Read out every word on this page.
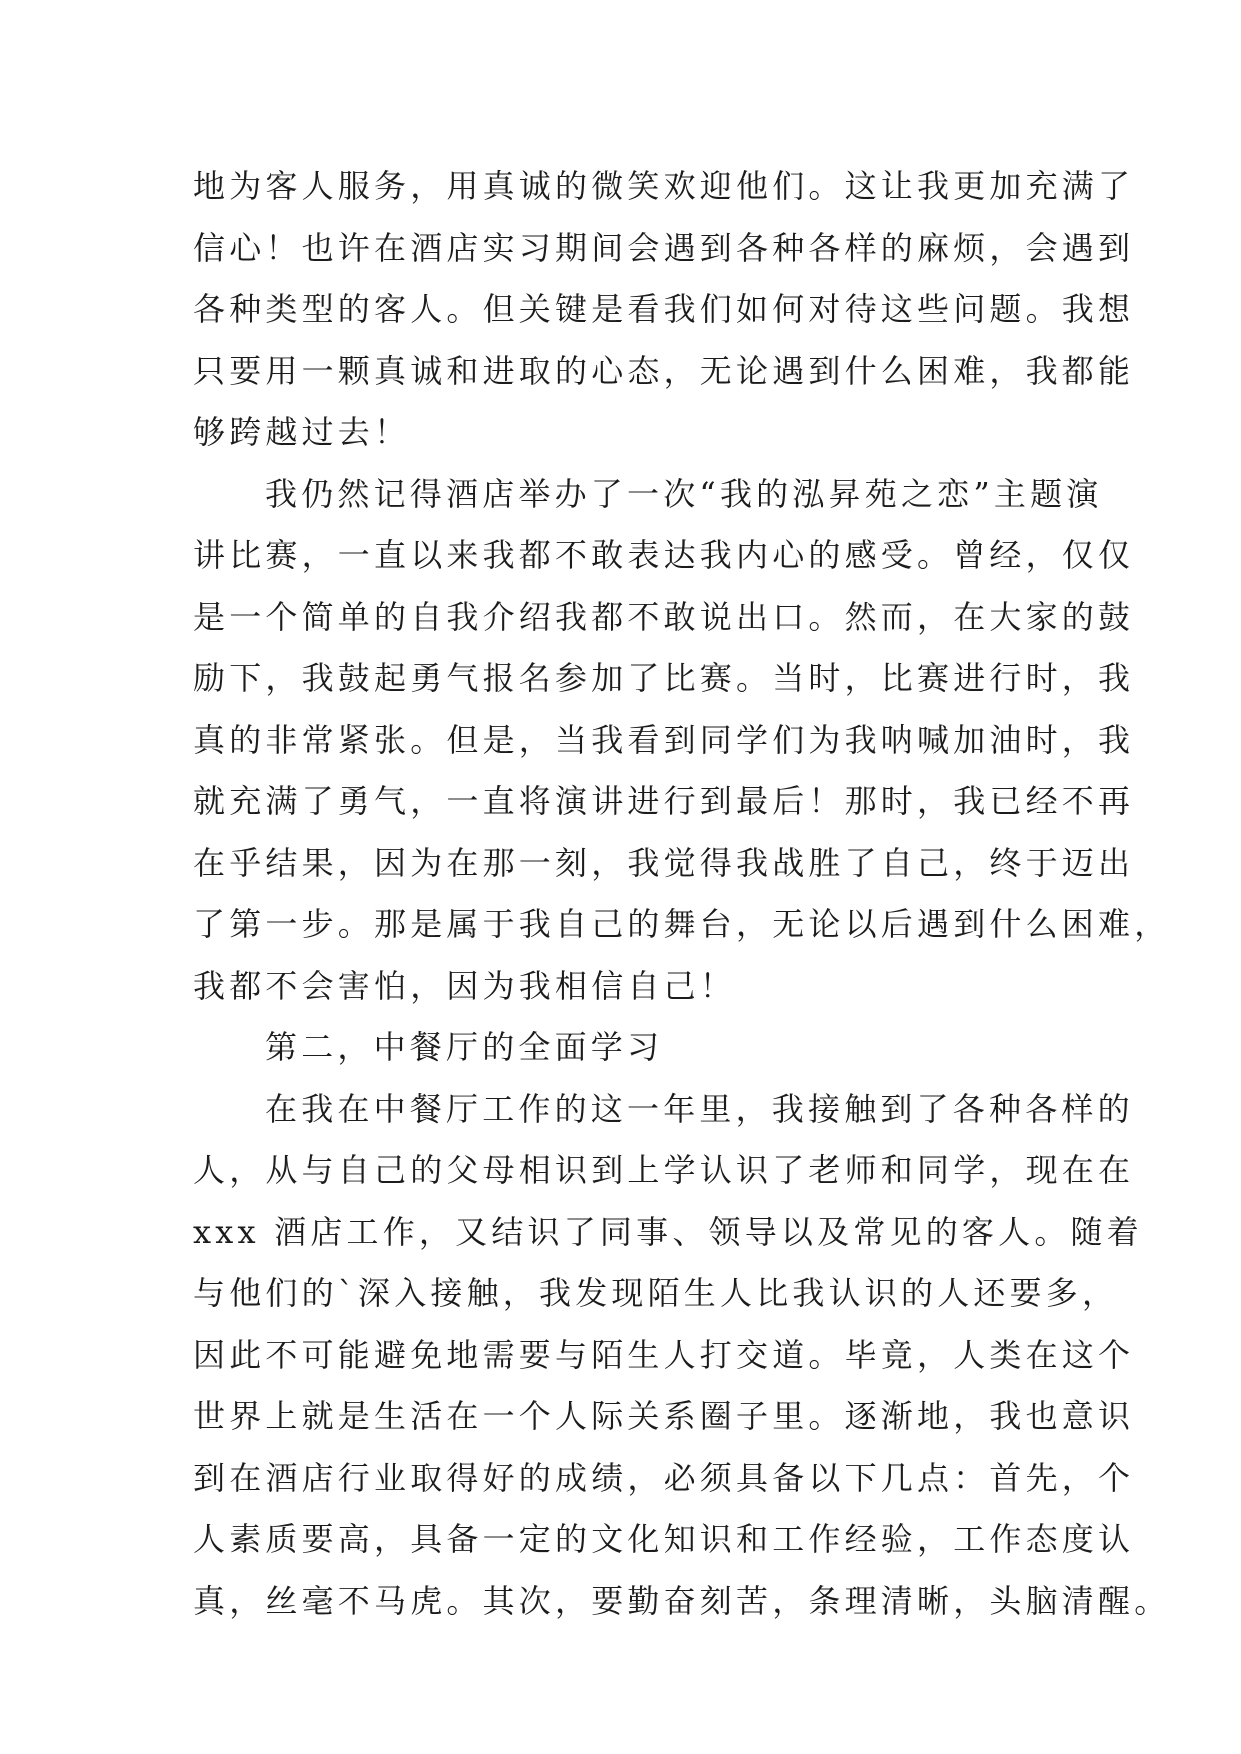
地为客人服务，用真诚的微笑欢迎他们。这让我更加充满了
信心！也许在酒店实习期间会遇到各种各样的麻烦，会遇到
各种类型的客人。但关键是看我们如何对待这些问题。我想
只要用一颗真诚和进取的心态，无论遇到什么困难，我都能
够跨越过去！
我仍然记得酒店举办了一次“我的泓昇苑之恋”主题演
讲比赛，一直以来我都不敢表达我内心的感受。曾经，仅仅
是一个简单的自我介绍我都不敢说出口。然而，在大家的鼓
励下，我鼓起勇气报名参加了比赛。当时，比赛进行时，我
真的非常紧张。但是，当我看到同学们为我呐喊加油时，我
就充满了勇气，一直将演讲进行到最后！那时，我已经不再
在乎结果，因为在那一刻，我觉得我战胜了自己，终于迈出
了第一步。那是属于我自己的舞台，无论以后遇到什么困难，
我都不会害怕，因为我相信自己！
第二，中餐厅的全面学习
在我在中餐厅工作的这一年里，我接触到了各种各样的
人，从与自己的父母相识到上学认识了老师和同学，现在在
xxx 酒店工作，又结识了同事、领导以及常见的客人。随着
与他们的`深入接触，我发现陌生人比我认识的人还要多，
因此不可能避免地需要与陌生人打交道。毕竟，人类在这个
世界上就是生活在一个人际关系圈子里。逐渐地，我也意识
到在酒店行业取得好的成绩，必须具备以下几点：首先，个
人素质要高，具备一定的文化知识和工作经验，工作态度认
真，丝毫不马虎。其次，要勤奋刻苦，条理清晰，头脑清醒。
